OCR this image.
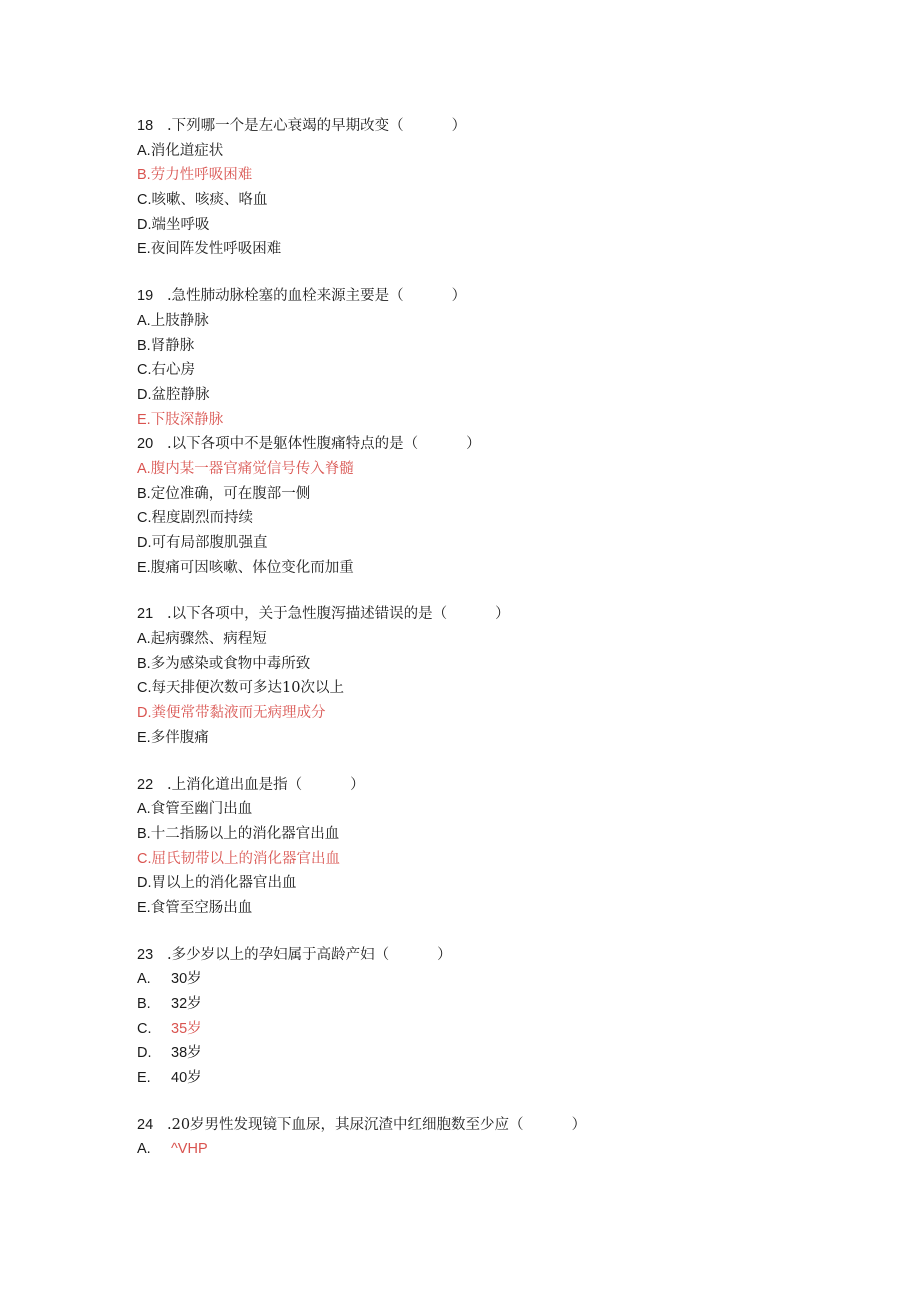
18 .下列哪一个是左心衰竭的早期改变（	）
A.消化道症状
B.劳力性呼吸困难
C.咳嗽、咳痰、咯血
D.端坐呼吸
E.夜间阵发性呼吸困难
19 .急性肺动脉栓塞的血栓来源主要是（	）
A.上肢静脉
B.肾静脉
C.右心房
D.盆腔静脉
E.下肢深静脉
20 .以下各项中不是躯体性腹痛特点的是（	）
A.腹内某一器官痛觉信号传入脊髓
B.定位准确，可在腹部一侧
C.程度剧烈而持续
D.可有局部腹肌强直
E.腹痛可因咳嗽、体位变化而加重
21 .以下各项中，关于急性腹泻描述错误的是（	）
A.起病骤然、病程短
B.多为感染或食物中毒所致
C.每天排便次数可多达10次以上
D.粪便常带黏液而无病理成分
E.多伴腹痛
22 .上消化道出血是指（	）
A.食管至幽门出血
B.十二指肠以上的消化器官出血
C.屈氏韧带以上的消化器官出血
D.胃以上的消化器官出血
E.食管至空肠出血
23 .多少岁以上的孕妇属于高龄产妇（	）
A. 30岁
B. 32岁
C. 35岁
D. 38岁
E. 40岁
24 .20岁男性发现镜下血尿，其尿沉渣中红细胞数至少应（	）
A. ^VHP
